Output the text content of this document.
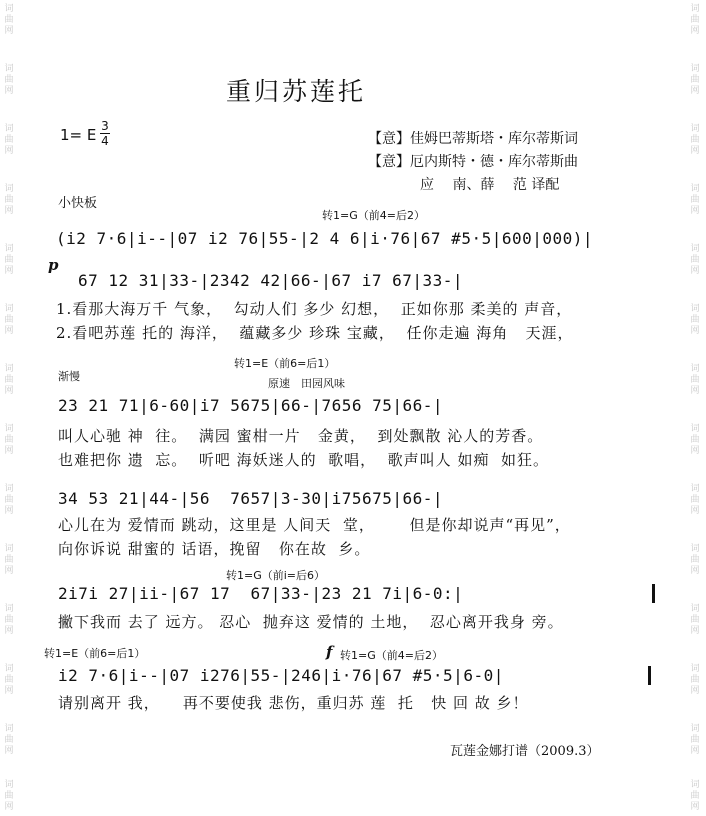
词曲网
词曲网
词曲网
词曲网
词曲网
词曲网
词曲网
词曲网
词曲网
词曲网
词曲网
词曲网
词曲网
词曲网
词曲网
词曲网
词曲网
词曲网
词曲网
词曲网
词曲网
词曲网
词曲网
词曲网
词曲网
词曲网
词曲网
词曲网
重归苏莲托
1= E 3
4	【意】佳姆巴蒂斯塔・库尔蒂斯词
【意】厄内斯特・德・库尔蒂斯曲
应　 南、薛　 范 译配
小快板
转1=G（前4=后2）
(i2 7·6|i--|07 i2 76|55-|2 4 6|i·76|67 #5·5|600|000)|
p
67 12 31|33-|2342 42|66-|67 i7 67|33-|
1.看那大海万千 气象，  勾动人们 多少 幻想，  正如你那 柔美的 声音，
2.看吧苏莲 托的 海洋，  蕴藏多少 珍珠 宝藏，  任你走遍 海角   天涯，
转1=E（前6=后1）
渐慢
原速　田园风味
23 21 71|6-60|i7 5675|66-|7656 75|66-|
叫人心驰 神  往。  满园 蜜柑一片   金黄，  到处飘散 沁人的芳香。
也难把你 遗  忘。  听吧 海妖迷人的  歌唱，  歌声叫人 如痴  如狂。
34 53 21|44-|56  7657|3-30|i75675|66-|
心儿在为 爱情而 跳动，这里是 人间天  堂，      但是你却说声“再见”，
向你诉说 甜蜜的 话语，挽留   你在故  乡。
转1=G（前i=后6）
2i7i 27|ii-|67 17  67|33-|23 21 7i|6-0:|
撇下我而 去了 远方。 忍心  抛弃这 爱情的 土地，  忍心离开我身 旁。
转1=E（前6=后1）	f 转1=G（前4=后2）
i2 7·6|i--|07 i276|55-|246|i·76|67 #5·5|6-0|
请别离开 我，    再不要使我 悲伤，重归苏 莲  托   快 回 故 乡！
瓦莲金娜打谱（2009.3）
